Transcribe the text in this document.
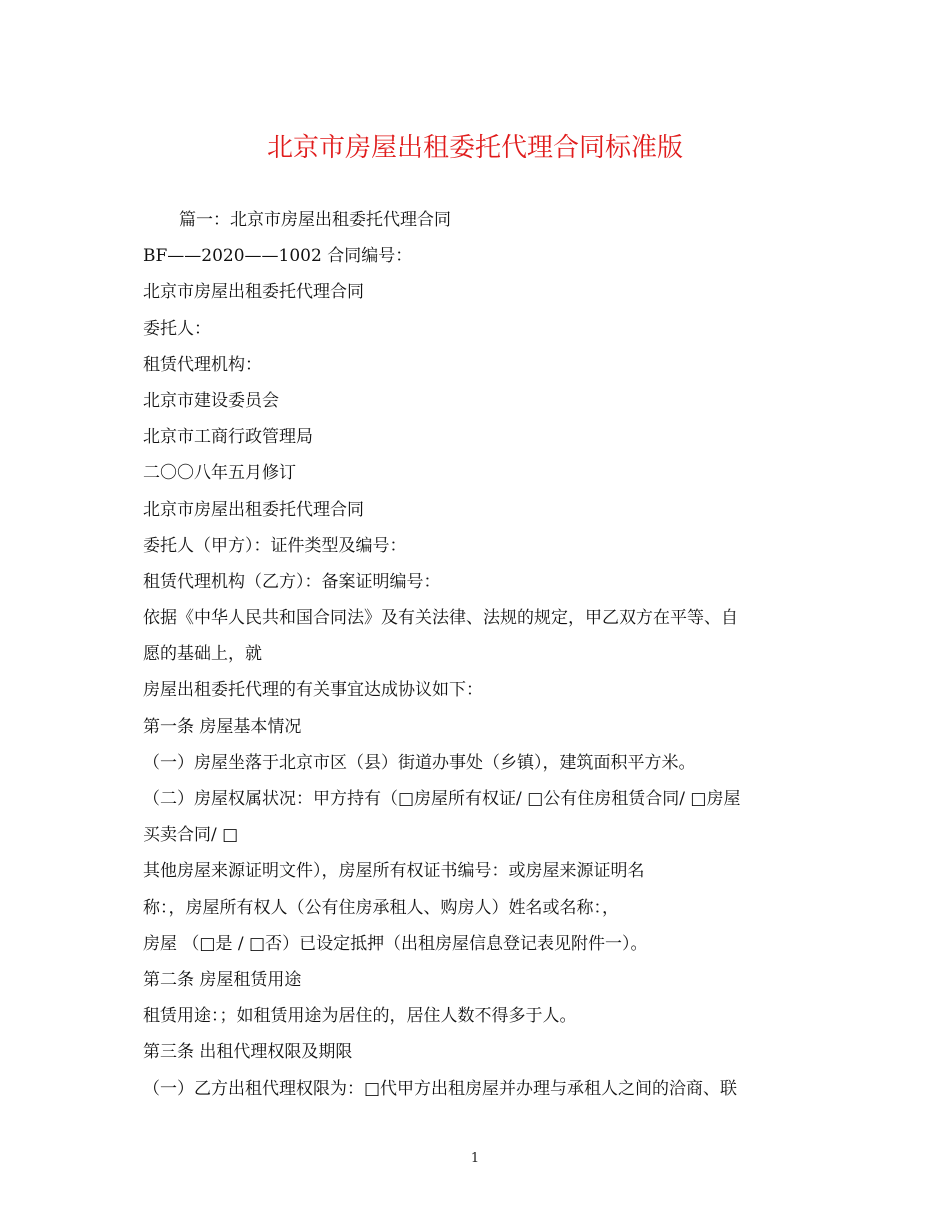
北京市房屋出租委托代理合同标准版
篇一：北京市房屋出租委托代理合同
BF——2020——1002 合同编号：
北京市房屋出租委托代理合同
委托人：
租赁代理机构：
北京市建设委员会
北京市工商行政管理局
二〇〇八年五月修订
北京市房屋出租委托代理合同
委托人（甲方）：证件类型及编号：
租赁代理机构（乙方）：备案证明编号：
依据《中华人民共和国合同法》及有关法律、法规的规定，甲乙双方在平等、自
愿的基础上，就
房屋出租委托代理的有关事宜达成协议如下：
第一条 房屋基本情况
（一）房屋坐落于北京市区（县）街道办事处（乡镇），建筑面积平方米。
（二）房屋权属状况：甲方持有（□房屋所有权证/ □公有住房租赁合同/ □房屋
买卖合同/ □
其他房屋来源证明文件），房屋所有权证书编号：或房屋来源证明名
称：，房屋所有权人（公有住房承租人、购房人）姓名或名称：，
房屋 （□是 / □否）已设定抵押（出租房屋信息登记表见附件一）。
第二条 房屋租赁用途
租赁用途：；如租赁用途为居住的，居住人数不得多于人。
第三条 出租代理权限及期限
（一）乙方出租代理权限为：□代甲方出租房屋并办理与承租人之间的洽商、联
1
